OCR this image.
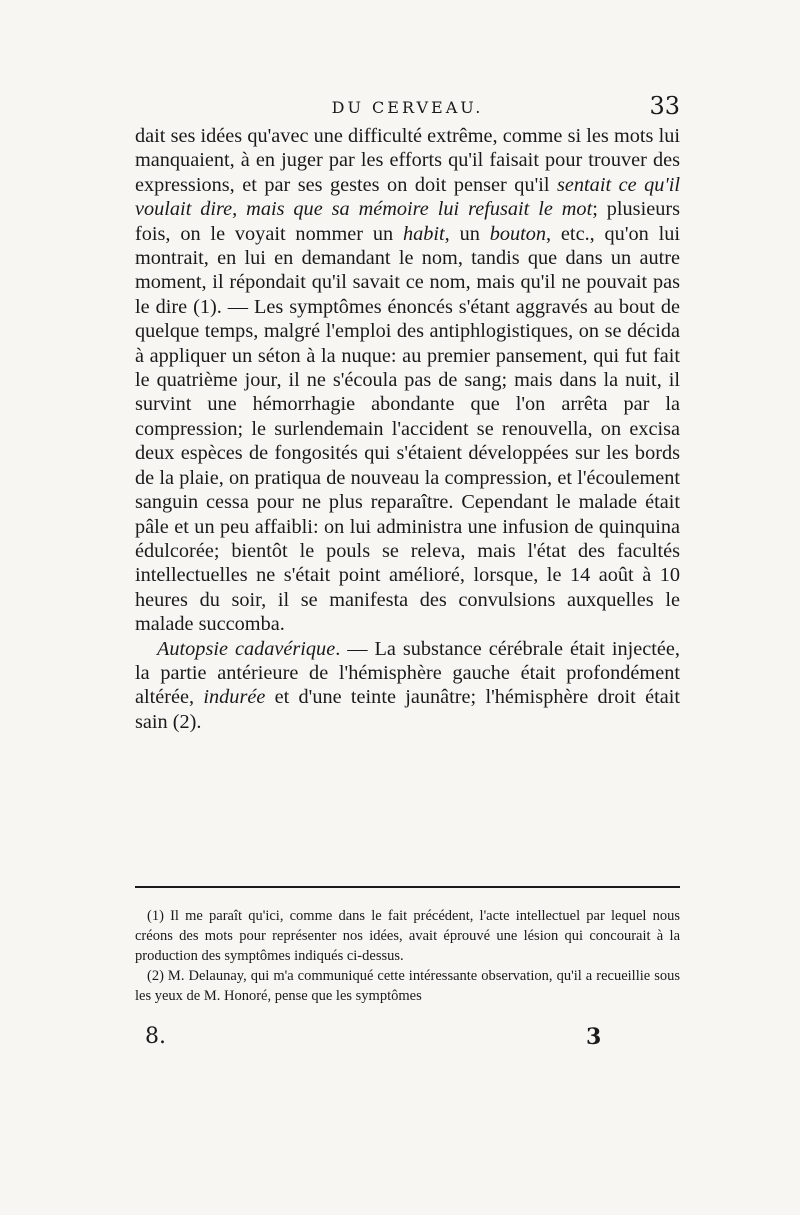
DU CERVEAU.	33

dait ses idées qu'avec une difficulté extrême, comme si les mots lui manquaient, à en juger par les efforts qu'il faisait pour trouver des expressions, et par ses gestes on doit penser qu'il sentait ce qu'il voulait dire, mais que sa mémoire lui refusait le mot; plusieurs fois, on le voyait nommer un habit, un bouton, etc., qu'on lui montrait, en lui en demandant le nom, tandis que dans un autre moment, il répondait qu'il savait ce nom, mais qu'il ne pouvait pas le dire (1). — Les symptômes énoncés s'étant aggravés au bout de quelque temps, malgré l'emploi des antiphlogistiques, on se décida à appliquer un séton à la nuque: au premier pansement, qui fut fait le quatrième jour, il ne s'écoula pas de sang; mais dans la nuit, il survint une hémorrhagie abondante que l'on arrêta par la compression; le surlendemain l'accident se renouvella, on excisa deux espèces de fongosités qui s'étaient développées sur les bords de la plaie, on pratiqua de nouveau la compression, et l'écoulement sanguin cessa pour ne plus reparaître. Cependant le malade était pâle et un peu affaibli: on lui administra une infusion de quinquina édulcorée; bientôt le pouls se releva, mais l'état des facultés intellectuelles ne s'était point amélioré, lorsque, le 14 août à 10 heures du soir, il se manifesta des convulsions auxquelles le malade succomba.

Autopsie cadavérique. — La substance cérébrale était injectée, la partie antérieure de l'hémisphère gauche était profondément altérée, indurée et d'une teinte jaunâtre; l'hémisphère droit était sain (2).

(1) Il me paraît qu'ici, comme dans le fait précédent, l'acte intellectuel par lequel nous créons des mots pour représenter nos idées, avait éprouvé une lésion qui concourait à la production des symptômes indiqués ci-dessus.

(2) M. Delaunay, qui m'a communiqué cette intéressante observation, qu'il a recueillie sous les yeux de M. Honoré, pense que les symptômes

8.	3
